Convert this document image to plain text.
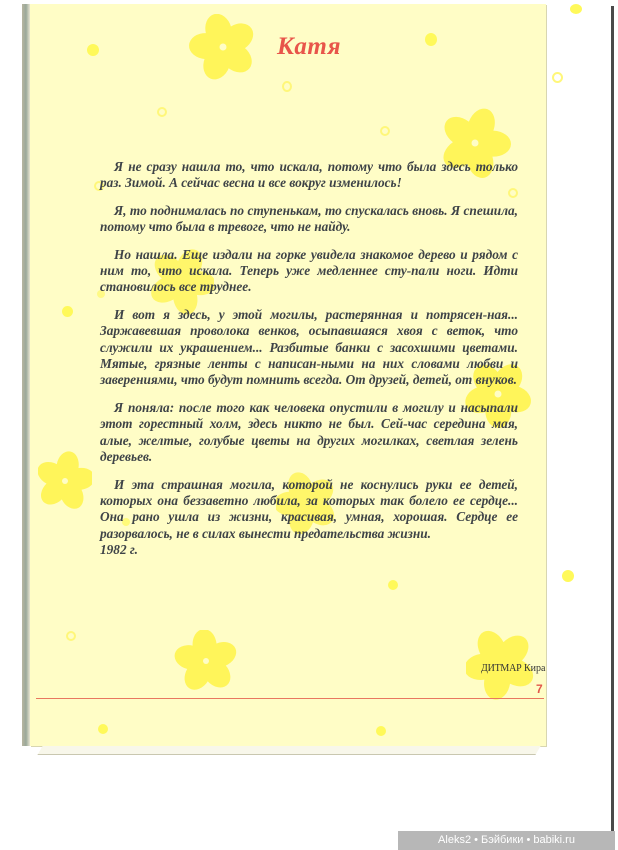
Катя

Я не сразу нашла то, что искала, потому что была здесь только раз. Зимой. А сейчас весна и все вокруг изменилось!

Я, то поднималась по ступенькам, то спускалась вновь. Я спешила, потому что была в тревоге, что не найду.

Но нашла. Еще издали на горке увидела знакомое дерево и рядом с ним то, что искала. Теперь уже медленнее сту-пали ноги. Идти становилось все труднее.

И вот я здесь, у этой могилы, растерянная и потрясен-ная... Заржавевшая проволока венков, осыпавшаяся хвоя с веток, что служили их украшением... Разбитые банки с засохшими цветами. Мятые, грязные ленты с написан-ными на них словами любви и заверениями, что будут помнить всегда. От друзей, детей, от внуков.

Я поняла: после того как человека опустили в могилу и насыпали этот горестный холм, здесь никто не был. Сей-час середина мая, алые, желтые, голубые цветы на других могилках, светлая зелень деревьев.

И эта страшная могила, которой не коснулись руки ее детей, которых она беззаветно любила, за которых так болело ее сердце... Она рано ушла из жизни, красивая, умная, хорошая. Сердце ее разорвалось, не в силах вынести предательства жизни.

1982 г.

ДИТМАР Кира
7
Aleks2 • Бэйбики • babiki.ru
